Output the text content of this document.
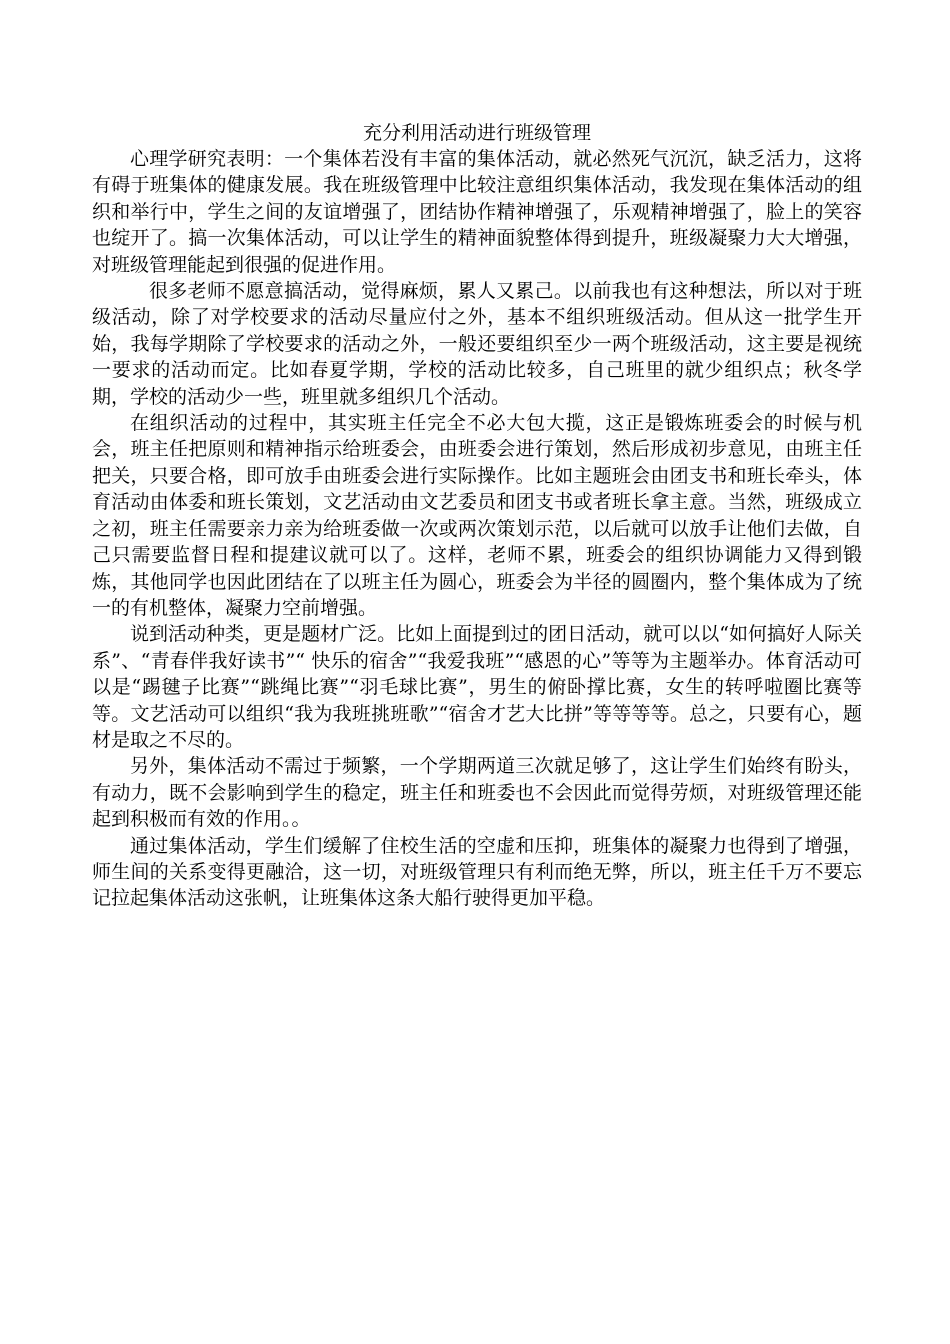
充分利用活动进行班级管理

心理学研究表明：一个集体若没有丰富的集体活动，就必然死气沉沉，缺乏活力，这将有碍于班集体的健康发展。我在班级管理中比较注意组织集体活动，我发现在集体活动的组织和举行中，学生之间的友谊增强了，团结协作精神增强了，乐观精神增强了，脸上的笑容也绽开了。搞一次集体活动，可以让学生的精神面貌整体得到提升，班级凝聚力大大增强，对班级管理能起到很强的促进作用。

很多老师不愿意搞活动，觉得麻烦，累人又累己。以前我也有这种想法，所以对于班级活动，除了对学校要求的活动尽量应付之外，基本不组织班级活动。但从这一批学生开始，我每学期除了学校要求的活动之外，一般还要组织至少一两个班级活动，这主要是视统一要求的活动而定。比如春夏学期，学校的活动比较多，自己班里的就少组织点；秋冬学期，学校的活动少一些，班里就多组织几个活动。

在组织活动的过程中，其实班主任完全不必大包大揽，这正是锻炼班委会的时候与机会，班主任把原则和精神指示给班委会，由班委会进行策划，然后形成初步意见，由班主任把关，只要合格，即可放手由班委会进行实际操作。比如主题班会由团支书和班长牵头，体育活动由体委和班长策划，文艺活动由文艺委员和团支书或者班长拿主意。当然，班级成立之初，班主任需要亲力亲为给班委做一次或两次策划示范，以后就可以放手让他们去做，自己只需要监督日程和提建议就可以了。这样，老师不累，班委会的组织协调能力又得到锻炼，其他同学也因此团结在了以班主任为圆心，班委会为半径的圆圈内，整个集体成为了统一的有机整体，凝聚力空前增强。

说到活动种类，更是题材广泛。比如上面提到过的团日活动，就可以以“如何搞好人际关系”、“青春伴我好读书”“ 快乐的宿舍”“我爱我班”“感恩的心”等等为主题举办。体育活动可以是“踢毽子比赛”“跳绳比赛”“羽毛球比赛”，男生的俯卧撑比赛，女生的转呼啦圈比赛等等。文艺活动可以组织“我为我班挑班歌”“宿舍才艺大比拼”等等等等。总之，只要有心，题材是取之不尽的。

另外，集体活动不需过于频繁，一个学期两道三次就足够了，这让学生们始终有盼头，有动力，既不会影响到学生的稳定，班主任和班委也不会因此而觉得劳烦，对班级管理还能起到积极而有效的作用。。

通过集体活动，学生们缓解了住校生活的空虚和压抑，班集体的凝聚力也得到了增强，师生间的关系变得更融洽，这一切，对班级管理只有利而绝无弊，所以，班主任千万不要忘记拉起集体活动这张帆，让班集体这条大船行驶得更加平稳。
